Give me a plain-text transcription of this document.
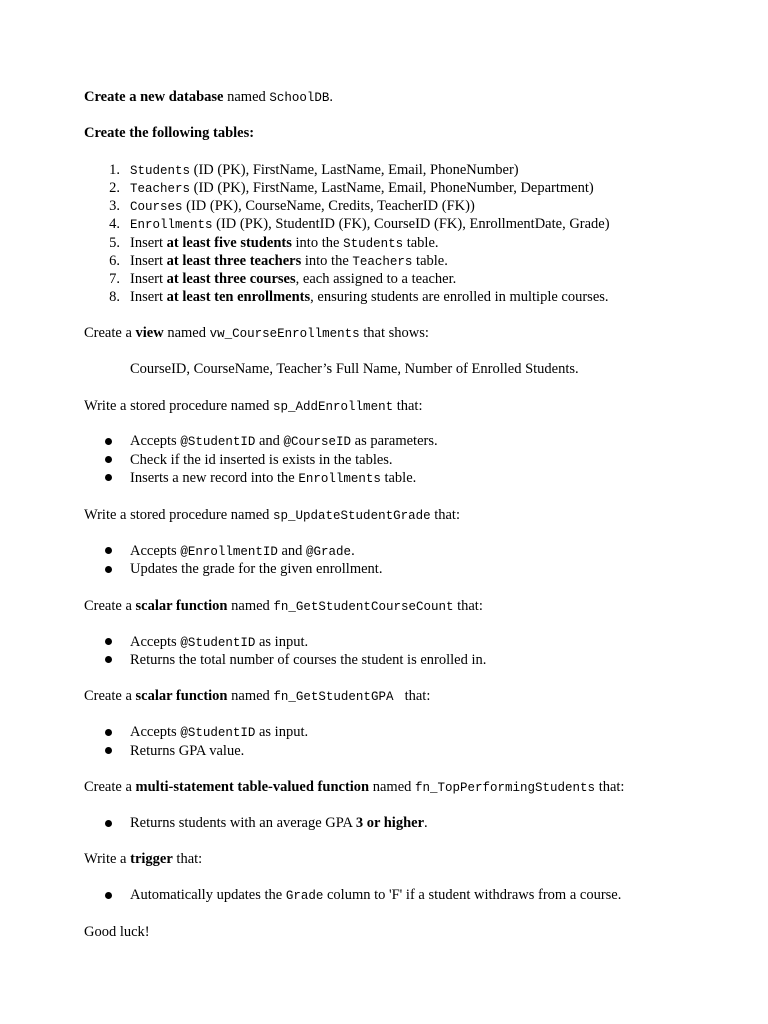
Create a new database named SchoolDB.
Create the following tables:
1. Students (ID (PK), FirstName, LastName, Email, PhoneNumber)
2. Teachers (ID (PK), FirstName, LastName, Email, PhoneNumber, Department)
3. Courses (ID (PK), CourseName, Credits, TeacherID (FK))
4. Enrollments (ID (PK), StudentID (FK), CourseID (FK), EnrollmentDate, Grade)
5. Insert at least five students into the Students table.
6. Insert at least three teachers into the Teachers table.
7. Insert at least three courses, each assigned to a teacher.
8. Insert at least ten enrollments, ensuring students are enrolled in multiple courses.
Create a view named vw_CourseEnrollments that shows:
CourseID, CourseName, Teacher’s Full Name, Number of Enrolled Students.
Write a stored procedure named sp_AddEnrollment that:
Accepts @StudentID and @CourseID as parameters.
Check if the id inserted is exists in the tables.
Inserts a new record into the Enrollments table.
Write a stored procedure named sp_UpdateStudentGrade that:
Accepts @EnrollmentID and @Grade.
Updates the grade for the given enrollment.
Create a scalar function named fn_GetStudentCourseCount that:
Accepts @StudentID as input.
Returns the total number of courses the student is enrolled in.
Create a scalar function named fn_GetStudentGPA  that:
Accepts @StudentID as input.
Returns GPA value.
Create a multi-statement table-valued function named fn_TopPerformingStudents that:
Returns students with an average GPA 3 or higher.
Write a trigger that:
Automatically updates the Grade column to 'F' if a student withdraws from a course.
Good luck!
